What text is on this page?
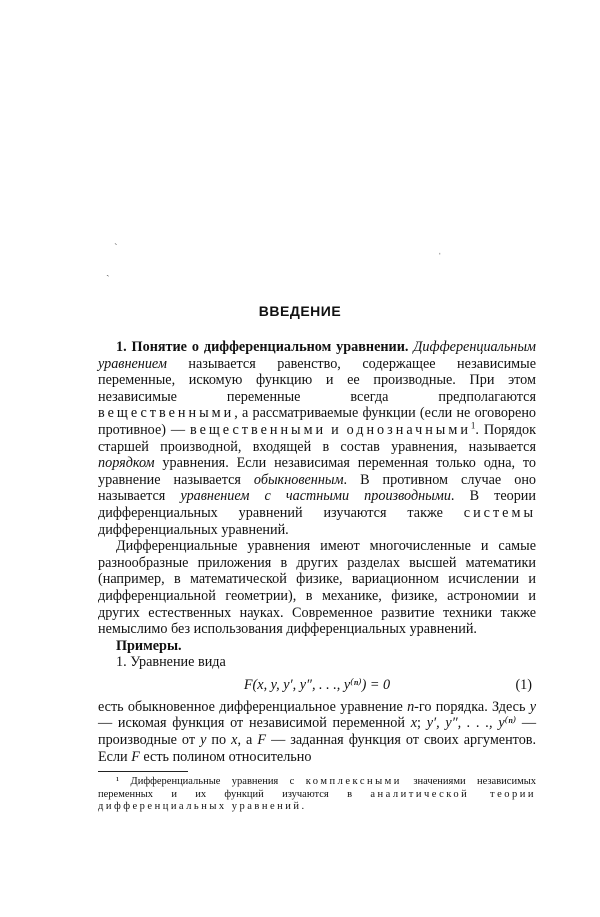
ˋ
ˏ
ˈ
ВВЕДЕНИЕ

1. Понятие о дифференциальном уравнении. Дифференциальным уравнением называется равенство, содержащее независимые переменные, искомую функцию и ее производные. При этом независимые переменные всегда предполагаются вещественными, а рассматриваемые функции (если не оговорено противное) — вещественными и однозначными$^1$. Порядок старшей производной, входящей в состав уравнения, называется порядком уравнения. Если независимая переменная только одна, то уравнение называется обыкновенным. В противном случае оно называется уравнением с частными производными. В теории дифференциальных уравнений изучаются также системы дифференциальных уравнений.

Дифференциальные уравнения имеют многочисленные и самые разнообразные приложения в других разделах высшей математики (например, в математической физике, вариационном исчислении и дифференциальной геометрии), в механике, физике, астрономии и других естественных науках. Современное развитие техники также немыслимо без использования дифференциальных уравнений.

Примеры.

1. Уравнение вида

F(x, y, y′, y″, . . ., y⁽ⁿ⁾) = 0	(1)

есть обыкновенное дифференциальное уравнение n-го порядка. Здесь y — искомая функция от независимой переменной x; y′, y″, . . ., y⁽ⁿ⁾ — производные от y по x, а F — заданная функция от своих аргументов. Если F есть полином относительно

¹ Дифференциальные уравнения с комплексными значениями независимых переменных и их функций изучаются в аналитической теории дифференциальных уравнений.
